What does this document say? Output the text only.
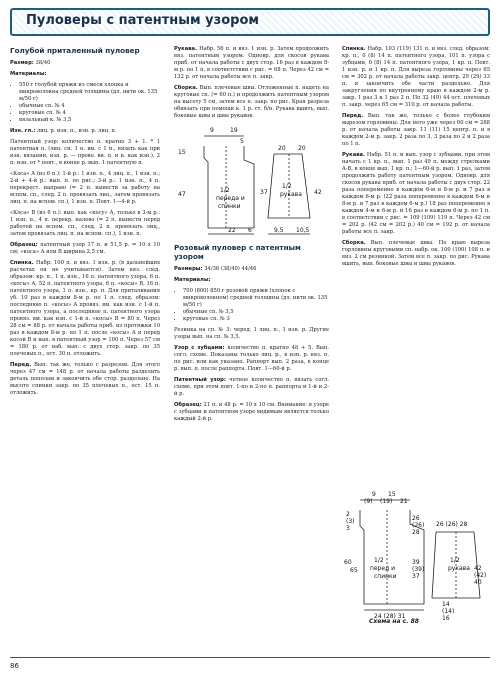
Пуловеры с патентным узором
Голубой приталенный пуловер

Размер: 38/40

Материалы:

• 550 г голубой пряжи из смеси хлопка и микроволокна средней толщины (дл. нити ок. 135 м/50 г)
• обычные сп. № 4
• круговые сп. № 4
• вязальный к. № 3,5

Изн. гл.: лиц. р. изн. п., изн. р. лиц. п.

Патентный узор: количество п. кратно 3 + 1. * 1 патентная п. (лиц. сн. 1 н. вм. с 1 н., вязать как при изн. вязании, изн. р. — прово. вн. п. и н. как изн.), 2 п. изн. от * повт., в конце р. вып. 1 патентную п.

«Коса» A (из 6 п.): 1-й р.: 1 изн. п., 4 лиц. п., 1 изн. п.; 2-й + 4-й р.: вып. п. по рис.; 3-й р.: 1 изн. п., 4 п. перекрест. направо (= 2 п. вынести за работу на вспом. сп., след. 2 п. провязать лиц., затем провязать лиц. п. на вспом. сп.), 1 изн. п. Повт. 1—4-й р.

«Коса» B (из 6 п.): вып. как «косу» A, только в 3-м р.: 1 изн. п., 4 п. перекр. налево (= 2 п. вынести перед работой на вспом. сп., след. 2 п. провязать лиц., затем провязать лиц. п. на вспом. сп.), 1 изн. п.

Образец: патентный узор 17 п. и 51,5 р. = 10 х 10 см; «коса» A или B ширина 2,5 см.

Спинка. Набр. 100 п. и вяз. 1 изн. р. (в дальнейших расчетах он не учитывается). Затем вяз. след. образом: кр. п., 1 п. изн., 16 п. патентного узора, 6 п. «косы» A, 52 п. патентного узора, 6 п. «косы» B, 16 п. патентного узора, 1 п. изн., кр. п. Для приталивания уб. 10 раз в каждом 8-м р. по 1 п. след. образом: последнюю п. «косы» A провяз. вм. как изн. с 1-й п. патентного узора, а последнюю п. патентного узора провяз. вм. как изн. с 1-й п. «косы» B = 80 п. Через 28 см = 88 р. от начала работы приб. из протяжки 10 раз в каждом 8-м р. по 1 п. после «косы» A и перед косой B и вып. в патентный узор = 100 п. Через 57 см = 180 р. от наб. вып. с двух стор. закр. по 35 плечевых п., ост. 30 п. отложить.

Перед. Вып. так же, только с разрезом. Для этого через 47 см = 148 р. от начала работы разделить деталь пополам и закончить обе стор. раздельно. На высоте спинки закр. по 35 плечевых п., ост. 15 п. отложить.

Рукава. Набр. 56 п. и вяз. 1 изн. р. Затем продолжить вяз. патентным узором. Одновр. для скосов рукава приб. от начала работы с двух стор. 16 раз в каждом 8-м р. по 1 п. в соответствии с рис. = 68 п. Через 42 см = 132 р. от начала работы все п. закр.

Сборка. Вып. плечевые швы. Отложенные п. надеть на круговые сп. (= 60 п.) и продолжить патентным узором на высоту 5 см, затем все п. закр. по рис. Края разреза обвязать при помощи к. 1 р. ст. б/н. Рукава вшить, вып. боковые швы и швы рукавов.

9	19
5
15
20 20
47
1/2
передa и
спинки
37
1/2
рукава 42
22 6	9,5 10,5
Розовый пуловер с патентным узором

Размеры: 34/36 (38/40) 44/46

Материалы:

• 700 (800) 850 г розовой пряжи (хлопок с микроволокном) средней толщины (дл. нити ок. 135 м/50 г)
• обычные сп. № 3,5
• круговые сп. № 3

Резинка на сп. № 3: черед. 1 лиц. п., 1 изн. р. Другие узоры вып. на сп. № 3,5.

Узор с зубцами: количество п. кратно 48 + 5. Вып. согл. схеме. Показаны только лиц. р., в изн. р. вяз. п. по рис. или как указано. Раппорт вып. 2 раза, в конце р. вып. п. после раппорта. Повт. 1—60-й р.

Патентный узор: четное количество п. вязать согл. схеме, при этом повт. 1-по и 2-по п. раппорта и 1-й и 2-й р.

Образец: 21 п. и 48 р. = 10 х 10 см. Внимание: в узоре с зубцами и патентном узоре видимым является только каждый 2-й р.

Спинка. Набр. 103 (119) 131 п. и вяз. след. образом: кр. п., 0 (8) 14 п. патентного узора, 101 п. узора с зубцами, 0 (8) 14 п. патентного узора, 1 кр. п. Повт. 1 изн. р. и 1 кр. п. Для выреза горловины через 65 см = 302 р. от начала работы закр. центр. 29 (29) 33 п. и закончить обе части раздельно. Для закругления по внутреннему краю в каждом 2-м р. закр. 1 раз 3 и 1 раз 2 п. По 32 (40) 44 ост. плечевых п. закр. через 65 см = 310 р. от начала работы.

Перед. Вып. так же, только с более глубоким вырезом горловины. Для него уже через 60 см = 288 р. от начала работы закр. 11 (11) 15 центр. п. и в каждом 2-м р. закр. 2 раза по 3, 3 раза по 2 и 2 раза по 1 п.

Рукава. Набр. 51 п. и вып. узор с зубцами, при этом начать с 1 кр. п., вып. 1 раз 49 п. между стрелками A-B, в конце вып. 1 кр. п.; 1—60-й р. вып. 1 раз, затем продолжить работу патентным узором. Одновр. для скосов рукава приб. от начала работы с двух стор. 22 раза попеременно в каждом 6-м и 8-м р. и 7 раз в каждом 6-м р. (22 раза попеременно в каждом 6-м и 8-м р. и 7 раз в каждом 6-м р.) 18 раз попеременно в каждом 4-м и 6-м р. и 16 раз в каждом 6-м р. по 1 п. в соответствии с рис. = 109 (109) 119 п. Через 42 см = 202 р. (42 см = 202 р.) 40 см = 192 р. от начала работы все п. закр.

Сборка. Вып. плечевые швы. По краю выреза горловины круговыми сп. набр. ок. 100 (100) 108 п. и вяз. 2 см резинкой. Затем все п. закр. по рис. Рукава вшить, вып. боковые швы и швы рукавов.

9 15
(9) (19) 21
2
(3)
3
26
(26)
28
26 (26) 28
60
65
1/2
перед и
спинки
39
(39)
37
1/2
рукава 42
(42)
40
24 (28) 31
14
(14)
16
Схема на с. 88
86
